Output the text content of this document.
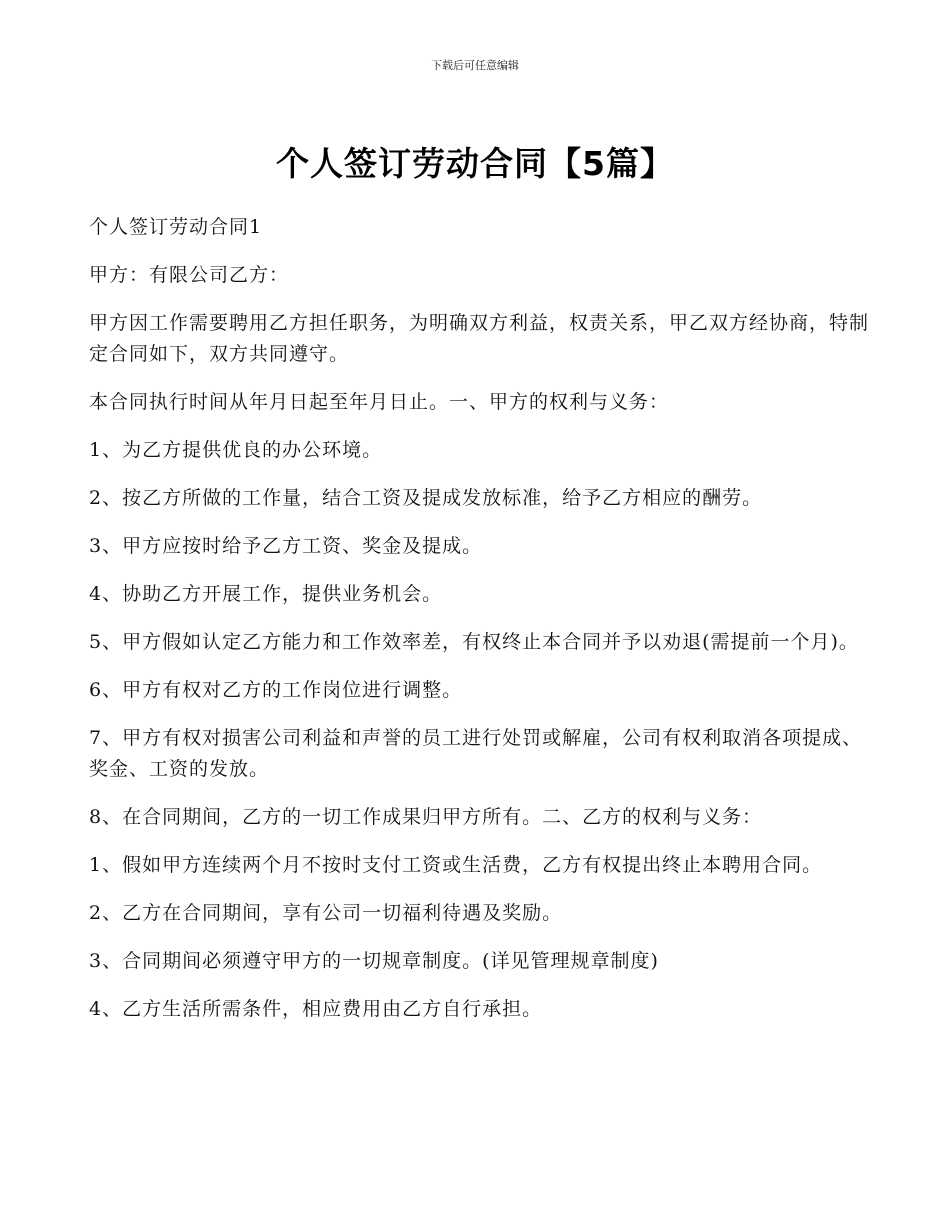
下载后可任意编辑
个人签订劳动合同【5篇】

个人签订劳动合同1

甲方：有限公司乙方：

甲方因工作需要聘用乙方担任职务，为明确双方利益，权责关系，甲乙双方经协商，特制定合同如下，双方共同遵守。

本合同执行时间从年月日起至年月日止。一、甲方的权利与义务：

1、为乙方提供优良的办公环境。

2、按乙方所做的工作量，结合工资及提成发放标准，给予乙方相应的酬劳。

3、甲方应按时给予乙方工资、奖金及提成。

4、协助乙方开展工作，提供业务机会。

5、甲方假如认定乙方能力和工作效率差，有权终止本合同并予以劝退(需提前一个月)。

6、甲方有权对乙方的工作岗位进行调整。

7、甲方有权对损害公司利益和声誉的员工进行处罚或解雇，公司有权利取消各项提成、奖金、工资的发放。

8、在合同期间，乙方的一切工作成果归甲方所有。二、乙方的权利与义务：

1、假如甲方连续两个月不按时支付工资或生活费，乙方有权提出终止本聘用合同。

2、乙方在合同期间，享有公司一切福利待遇及奖励。

3、合同期间必须遵守甲方的一切规章制度。(详见管理规章制度)

4、乙方生活所需条件，相应费用由乙方自行承担。
